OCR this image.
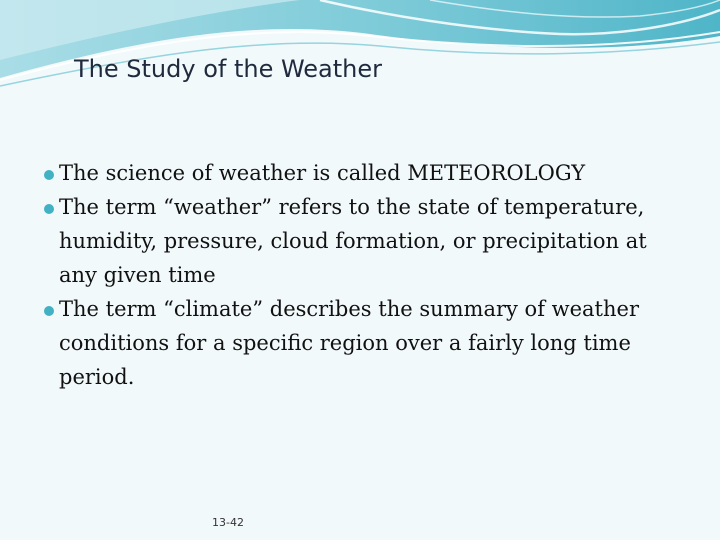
The Study of the Weather
The science of weather is called METEOROLOGY
The term “weather” refers to the state of temperature, humidity, pressure, cloud formation, or precipitation at any given time
The term “climate” describes the summary of weather conditions for a specific region over a fairly long time period.
13-42
